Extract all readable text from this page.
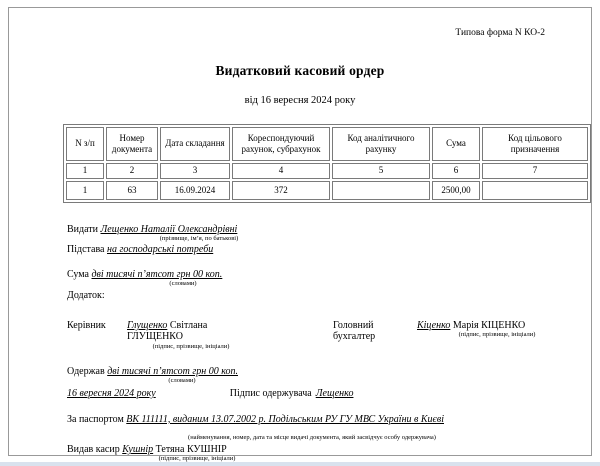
Типова форма N КО-2
Видатковий касовий ордер
від 16 вересня 2024 року
N з/п	Номер документа	Дата складання	Кореспондуючий рахунок, субрахунок	Код аналітичного рахунку	Сума	Код цільового призначення
1	2	3	4	5	6	7
1	63	16.09.2024	372		2500,00	
Видати Лещенко Наталії Олександрівні
(прізвище, ім’я, по батькові)
Підстава на господарські потреби
Сума дві тисячі п’ятсот грн 00 коп.
(словами)
Додаток:
Керівник	Глущенко Світлана ГЛУЩЕНКО
(підпис, прізвище, ініціали)
Головний бухгалтер
Кіценко Марія КІЦЕНКО
(підпис, прізвище, ініціали)
Одержав дві тисячі п’ятсот грн 00 коп.
(словами)
16 вересня 2024 року	Підпис одержувача Лещенко
За паспортом ВК 111111, виданим 13.07.2002 р. Подільським РУ ГУ МВС України в Києві
(найменування, номер, дата та місце видачі документа, який засвідчує особу одержувача)
Видав касир Кушнір Тетяна КУШНІР
(підпис, прізвище, ініціали)
